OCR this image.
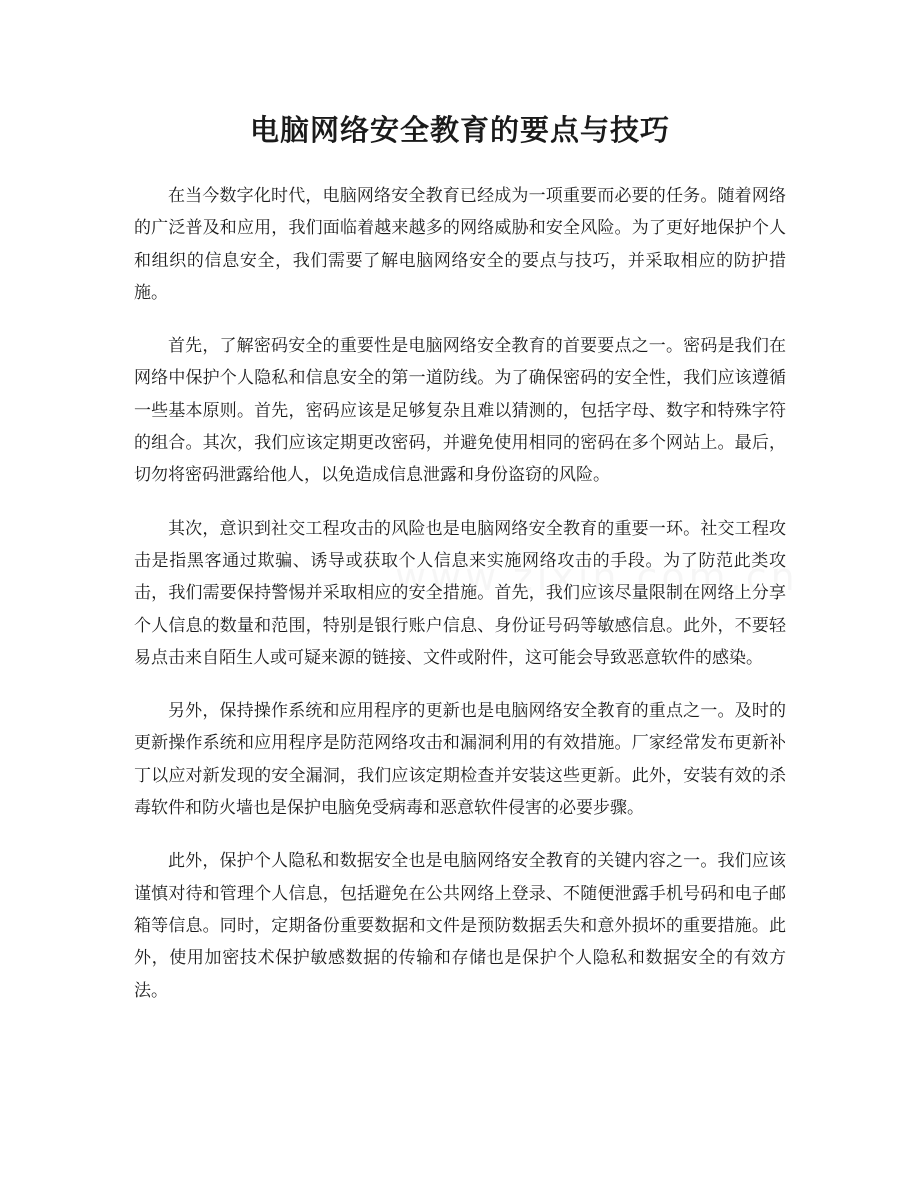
电脑网络安全教育的要点与技巧

在当今数字化时代，电脑网络安全教育已经成为一项重要而必要的任务。随着网络的广泛普及和应用，我们面临着越来越多的网络威胁和安全风险。为了更好地保护个人和组织的信息安全，我们需要了解电脑网络安全的要点与技巧，并采取相应的防护措施。

首先，了解密码安全的重要性是电脑网络安全教育的首要要点之一。密码是我们在网络中保护个人隐私和信息安全的第一道防线。为了确保密码的安全性，我们应该遵循一些基本原则。首先，密码应该是足够复杂且难以猜测的，包括字母、数字和特殊字符的组合。其次，我们应该定期更改密码，并避免使用相同的密码在多个网站上。最后，切勿将密码泄露给他人，以免造成信息泄露和身份盗窃的风险。

其次，意识到社交工程攻击的风险也是电脑网络安全教育的重要一环。社交工程攻击是指黑客通过欺骗、诱导或获取个人信息来实施网络攻击的手段。为了防范此类攻击，我们需要保持警惕并采取相应的安全措施。首先，我们应该尽量限制在网络上分享个人信息的数量和范围，特别是银行账户信息、身份证号码等敏感信息。此外，不要轻易点击来自陌生人或可疑来源的链接、文件或附件，这可能会导致恶意软件的感染。

另外，保持操作系统和应用程序的更新也是电脑网络安全教育的重点之一。及时的更新操作系统和应用程序是防范网络攻击和漏洞利用的有效措施。厂家经常发布更新补丁以应对新发现的安全漏洞，我们应该定期检查并安装这些更新。此外，安装有效的杀毒软件和防火墙也是保护电脑免受病毒和恶意软件侵害的必要步骤。

此外，保护个人隐私和数据安全也是电脑网络安全教育的关键内容之一。我们应该谨慎对待和管理个人信息，包括避免在公共网络上登录、不随便泄露手机号码和电子邮箱等信息。同时，定期备份重要数据和文件是预防数据丢失和意外损坏的重要措施。此外，使用加密技术保护敏感数据的传输和存储也是保护个人隐私和数据安全的有效方法。
